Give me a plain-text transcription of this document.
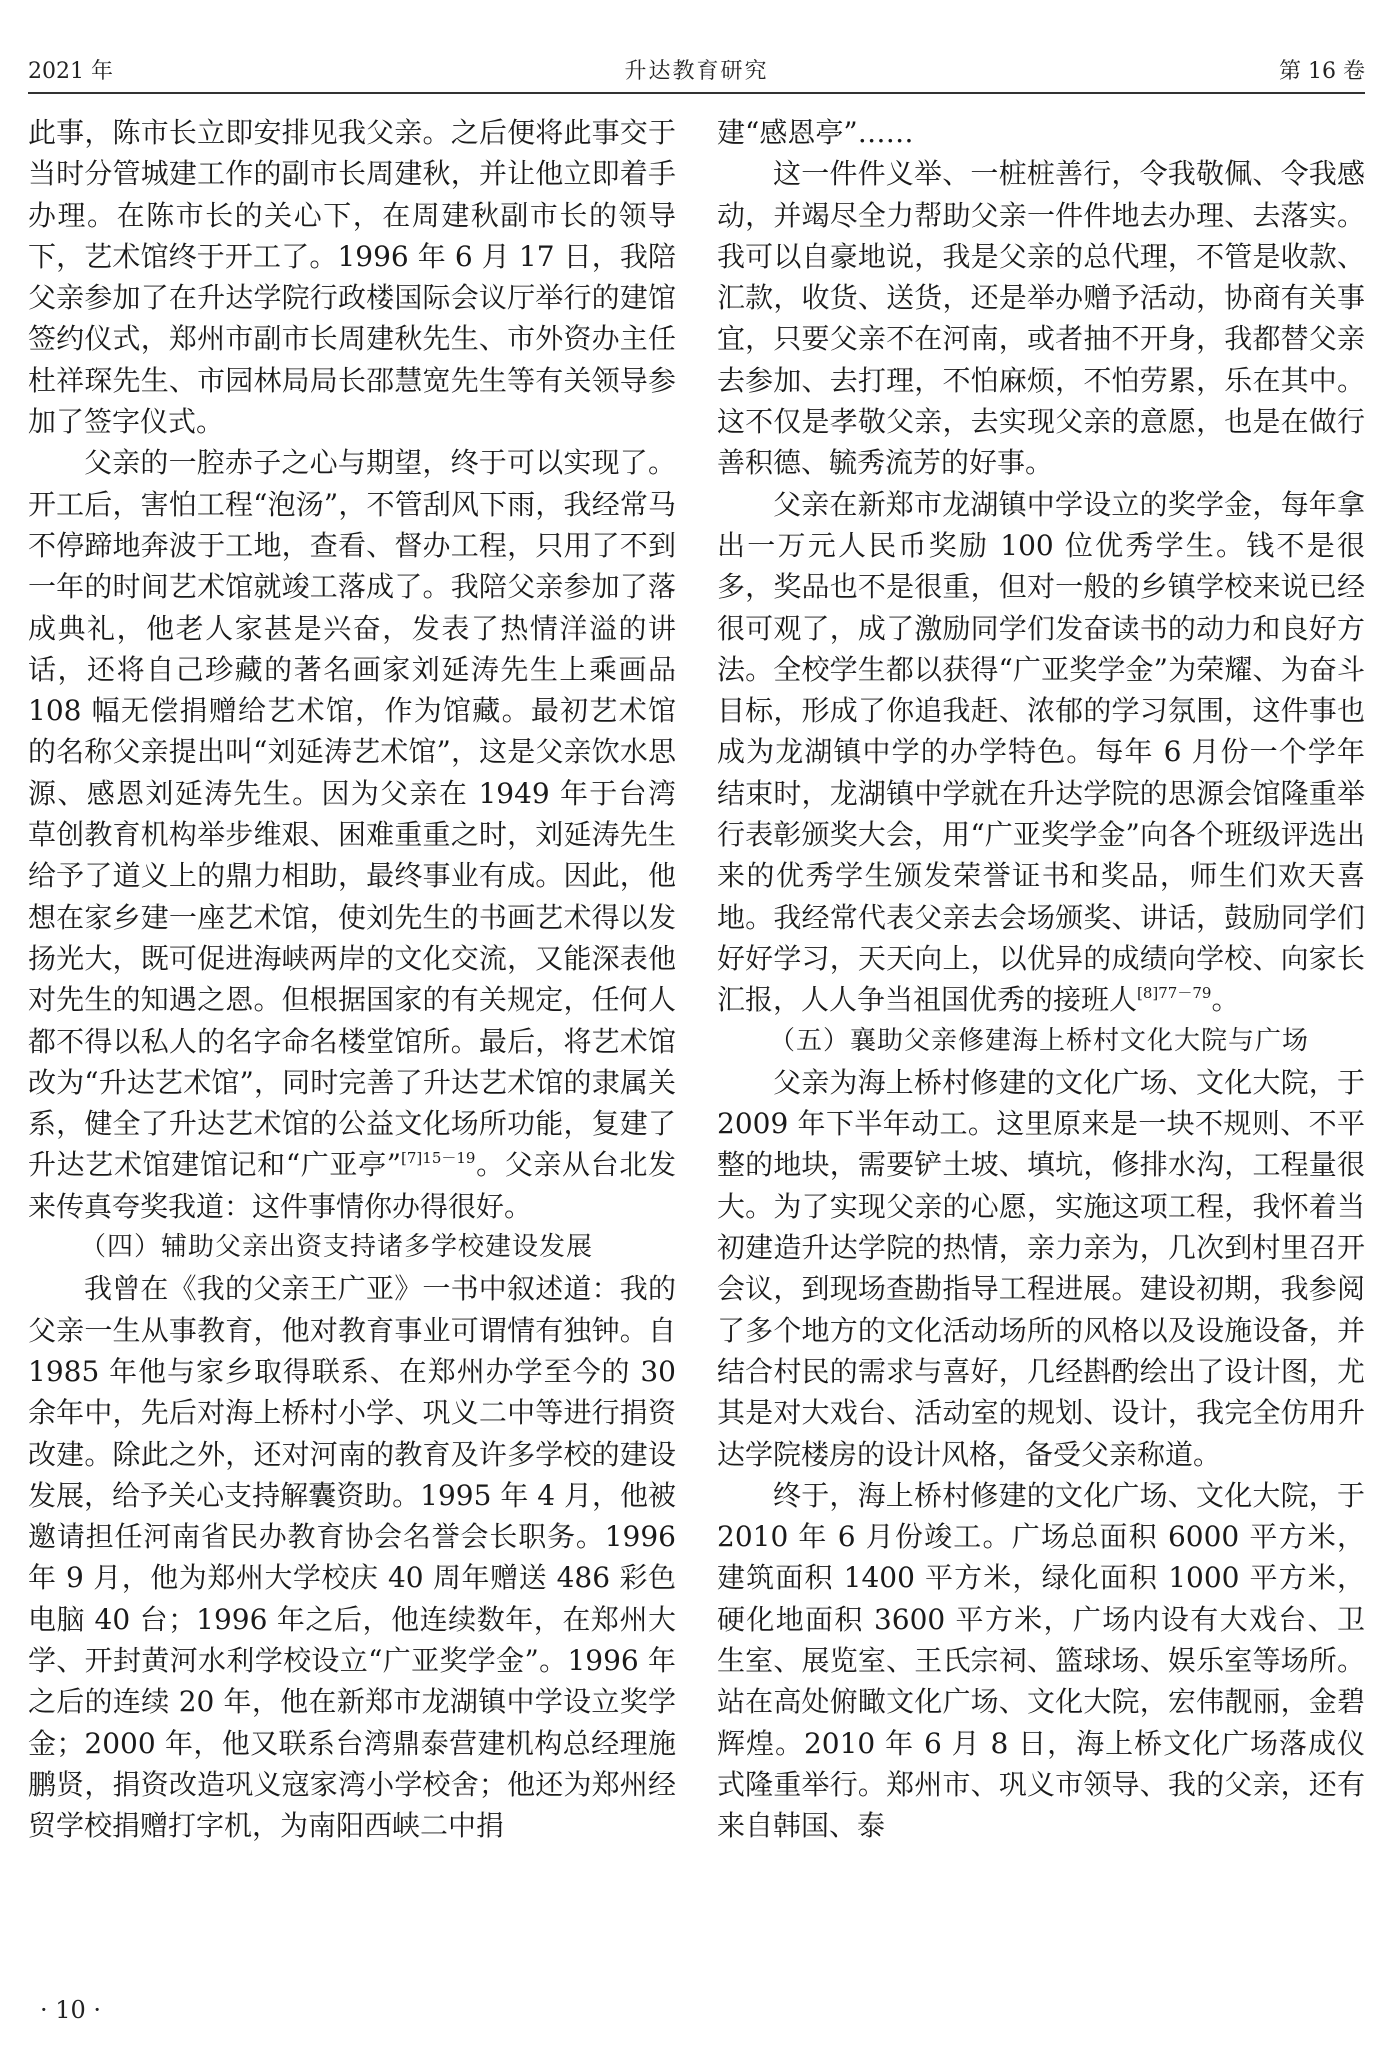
2021 年	升达教育研究	第 16 卷

此事，陈市长立即安排见我父亲。之后便将此事交于当时分管城建工作的副市长周建秋，并让他立即着手办理。在陈市长的关心下，在周建秋副市长的领导下，艺术馆终于开工了。1996 年 6 月 17 日，我陪父亲参加了在升达学院行政楼国际会议厅举行的建馆签约仪式，郑州市副市长周建秋先生、市外资办主任杜祥琛先生、市园林局局长邵慧宽先生等有关领导参加了签字仪式。

父亲的一腔赤子之心与期望，终于可以实现了。开工后，害怕工程“泡汤”，不管刮风下雨，我经常马不停蹄地奔波于工地，查看、督办工程，只用了不到一年的时间艺术馆就竣工落成了。我陪父亲参加了落成典礼，他老人家甚是兴奋，发表了热情洋溢的讲话，还将自己珍藏的著名画家刘延涛先生上乘画品 108 幅无偿捐赠给艺术馆，作为馆藏。最初艺术馆的名称父亲提出叫“刘延涛艺术馆”，这是父亲饮水思源、感恩刘延涛先生。因为父亲在 1949 年于台湾草创教育机构举步维艰、困难重重之时，刘延涛先生给予了道义上的鼎力相助，最终事业有成。因此，他想在家乡建一座艺术馆，使刘先生的书画艺术得以发扬光大，既可促进海峡两岸的文化交流，又能深表他对先生的知遇之恩。但根据国家的有关规定，任何人都不得以私人的名字命名楼堂馆所。最后，将艺术馆改为“升达艺术馆”，同时完善了升达艺术馆的隶属关系，健全了升达艺术馆的公益文化场所功能，复建了升达艺术馆建馆记和“广亚亭”$^{[7]15-19}$。父亲从台北发来传真夸奖我道：这件事情你办得很好。

（四）辅助父亲出资支持诸多学校建设发展

我曾在《我的父亲王广亚》一书中叙述道：我的父亲一生从事教育，他对教育事业可谓情有独钟。自 1985 年他与家乡取得联系、在郑州办学至今的 30 余年中，先后对海上桥村小学、巩义二中等进行捐资改建。除此之外，还对河南的教育及许多学校的建设发展，给予关心支持解囊资助。1995 年 4 月，他被邀请担任河南省民办教育协会名誉会长职务。1996 年 9 月，他为郑州大学校庆 40 周年赠送 486 彩色电脑 40 台；1996 年之后，他连续数年，在郑州大学、开封黄河水利学校设立“广亚奖学金”。1996 年之后的连续 20 年，他在新郑市龙湖镇中学设立奖学金；2000 年，他又联系台湾鼎泰营建机构总经理施鹏贤，捐资改造巩义寇家湾小学校舍；他还为郑州经贸学校捐赠打字机，为南阳西峡二中捐

建“感恩亭”……

这一件件义举、一桩桩善行，令我敬佩、令我感动，并竭尽全力帮助父亲一件件地去办理、去落实。我可以自豪地说，我是父亲的总代理，不管是收款、汇款，收货、送货，还是举办赠予活动，协商有关事宜，只要父亲不在河南，或者抽不开身，我都替父亲去参加、去打理，不怕麻烦，不怕劳累，乐在其中。这不仅是孝敬父亲，去实现父亲的意愿，也是在做行善积德、毓秀流芳的好事。

父亲在新郑市龙湖镇中学设立的奖学金，每年拿出一万元人民币奖励 100 位优秀学生。钱不是很多，奖品也不是很重，但对一般的乡镇学校来说已经很可观了，成了激励同学们发奋读书的动力和良好方法。全校学生都以获得“广亚奖学金”为荣耀、为奋斗目标，形成了你追我赶、浓郁的学习氛围，这件事也成为龙湖镇中学的办学特色。每年 6 月份一个学年结束时，龙湖镇中学就在升达学院的思源会馆隆重举行表彰颁奖大会，用“广亚奖学金”向各个班级评选出来的优秀学生颁发荣誉证书和奖品，师生们欢天喜地。我经常代表父亲去会场颁奖、讲话，鼓励同学们好好学习，天天向上，以优异的成绩向学校、向家长汇报，人人争当祖国优秀的接班人$^{[8]77-79}$。

（五）襄助父亲修建海上桥村文化大院与广场

父亲为海上桥村修建的文化广场、文化大院，于 2009 年下半年动工。这里原来是一块不规则、不平整的地块，需要铲土坡、填坑，修排水沟，工程量很大。为了实现父亲的心愿，实施这项工程，我怀着当初建造升达学院的热情，亲力亲为，几次到村里召开会议，到现场查勘指导工程进展。建设初期，我参阅了多个地方的文化活动场所的风格以及设施设备，并结合村民的需求与喜好，几经斟酌绘出了设计图，尤其是对大戏台、活动室的规划、设计，我完全仿用升达学院楼房的设计风格，备受父亲称道。

终于，海上桥村修建的文化广场、文化大院，于 2010 年 6 月份竣工。广场总面积 6000 平方米，建筑面积 1400 平方米，绿化面积 1000 平方米，硬化地面积 3600 平方米，广场内设有大戏台、卫生室、展览室、王氏宗祠、篮球场、娱乐室等场所。站在高处俯瞰文化广场、文化大院，宏伟靓丽，金碧辉煌。2010 年 6 月 8 日，海上桥文化广场落成仪式隆重举行。郑州市、巩义市领导、我的父亲，还有来自韩国、泰

· 10 ·
